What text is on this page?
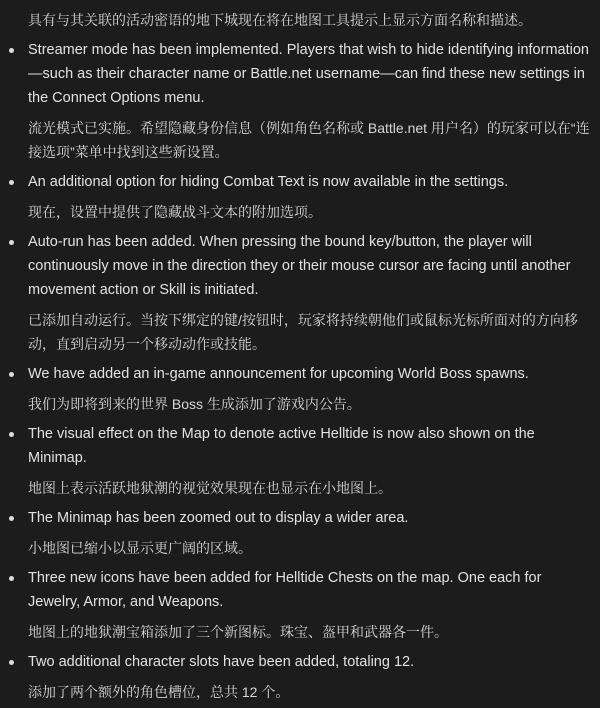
具有与其关联的活动密语的地下城现在将在地图工具提示上显示方面名称和描述。
Streamer mode has been implemented. Players that wish to hide identifying information—such as their character name or Battle.net username—can find these new settings in the Connect Options menu.
流光模式已实施。希望隐藏身份信息（例如角色名称或 Battle.net 用户名）的玩家可以在“连接选项”菜单中找到这些新设置。
An additional option for hiding Combat Text is now available in the settings.
现在，设置中提供了隐藏战斗文本的附加选项。
Auto-run has been added. When pressing the bound key/button, the player will continuously move in the direction they or their mouse cursor are facing until another movement action or Skill is initiated.
已添加自动运行。当按下绑定的键/按钮时，玩家将持续朝他们或鼠标光标所面对的方向移动，直到启动另一个移动动作或技能。
We have added an in-game announcement for upcoming World Boss spawns.
我们为即将到来的世界 Boss 生成添加了游戏内公告。
The visual effect on the Map to denote active Helltide is now also shown on the Minimap.
地图上表示活跃地狱潮的视觉效果现在也显示在小地图上。
The Minimap has been zoomed out to display a wider area.
小地图已缩小以显示更广阔的区域。
Three new icons have been added for Helltide Chests on the map. One each for Jewelry, Armor, and Weapons.
地图上的地狱潮宝箱添加了三个新图标。珠宝、盔甲和武器各一件。
Two additional character slots have been added, totaling 12.
添加了两个额外的角色槽位，总共 12 个。
